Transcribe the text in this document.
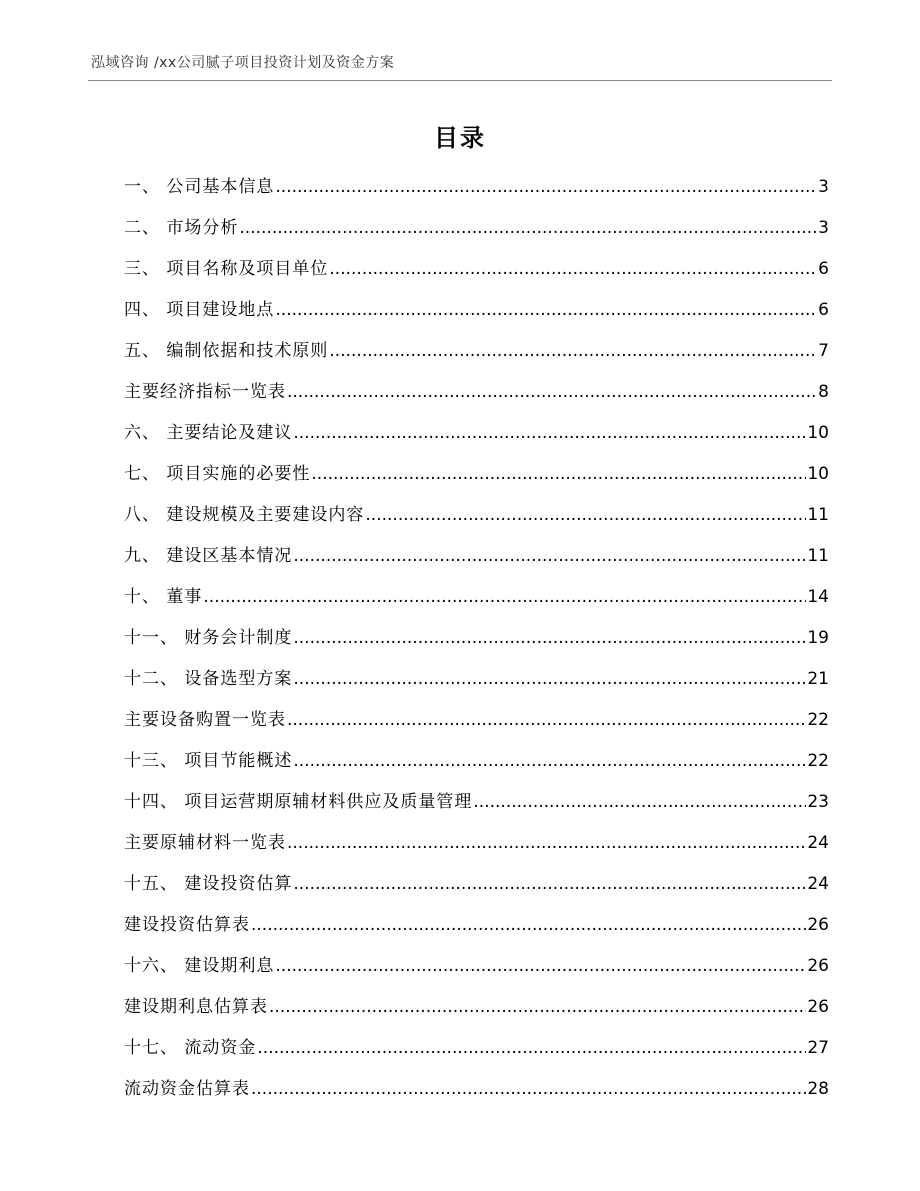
泓域咨询 /xx公司腻子项目投资计划及资金方案
目录
一、 公司基本信息 .....	3
二、 市场分析 .....	3
三、 项目名称及项目单位 .....	6
四、 项目建设地点 .....	6
五、 编制依据和技术原则 .....	7
主要经济指标一览表 .....	8
六、 主要结论及建议 .....	10
七、 项目实施的必要性 .....	10
八、 建设规模及主要建设内容 .....	11
九、 建设区基本情况 .....	11
十、 董事 .....	14
十一、 财务会计制度 .....	19
十二、 设备选型方案 .....	21
主要设备购置一览表 .....	22
十三、 项目节能概述 .....	22
十四、 项目运营期原辅材料供应及质量管理 .....	23
主要原辅材料一览表 .....	24
十五、 建设投资估算 .....	24
建设投资估算表 .....	26
十六、 建设期利息 .....	26
建设期利息估算表 .....	26
十七、 流动资金 .....	27
流动资金估算表 .....	28
